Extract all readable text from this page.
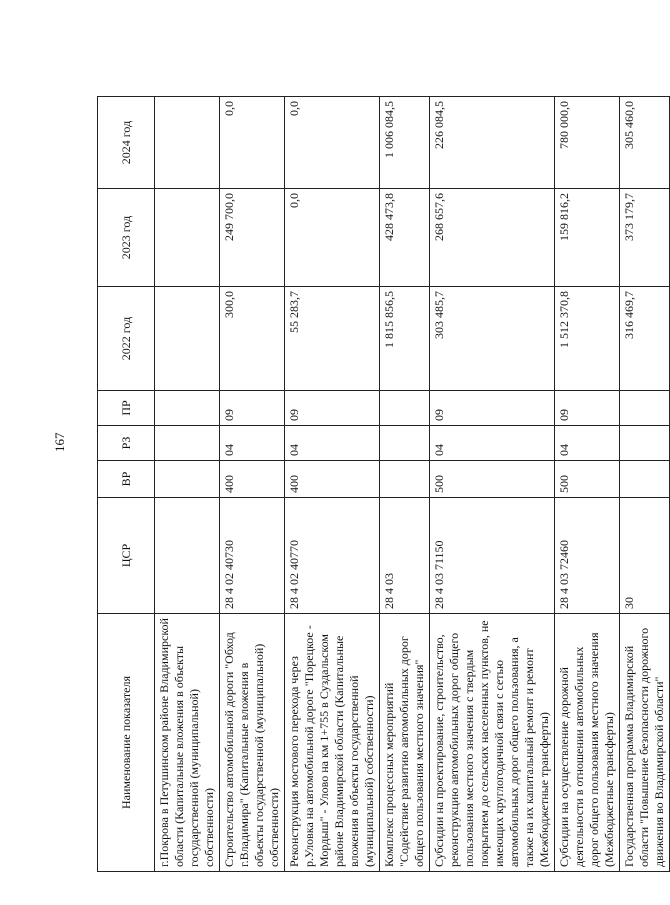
167
Наименование показателя	ЦСР	ВР	РЗ	ПР	2022 год	2023 год	2024 год
г.Покрова в Петушинском районе Владимирской области (Капитальные вложения в объекты государственной (муниципальной) собственности)							
Строительство автомобильной дороги "Обход г.Владимира" (Капитальные вложения в объекты государственной (муниципальной) собственности)	28 4 02 40730	400	04	09	300,0	249 700,0	0,0
Реконструкция мостового перехода через р.Уловка на автомобильной дороге "Порецкое - Мордыш" - Улово на км 1+755 в Суздальском районе Владимирской области (Капитальные вложения в объекты государственной (муниципальной) собственности)	28 4 02 40770	400	04	09	55 283,7	0,0	0,0
Комплекс процессных мероприятий "Содействие развитию автомобильных дорог общего пользования местного значения"	28 4 03				1 815 856,5	428 473,8	1 006 084,5
Субсидии на проектирование, строительство, реконструкцию автомобильных дорог общего пользования местного значения с твердым покрытием до сельских населенных пунктов, не имеющих круглогодичной связи с сетью автомобильных дорог общего пользования, а также на их капитальный ремонт и ремонт (Межбюджетные трансферты)	28 4 03 71150	500	04	09	303 485,7	268 657,6	226 084,5
Субсидии на осуществление дорожной деятельности в отношении автомобильных дорог общего пользования местного значения (Межбюджетные трансферты)	28 4 03 72460	500	04	09	1 512 370,8	159 816,2	780 000,0
Государственная программа Владимирской области "Повышение безопасности дорожного движения во Владимирской области"	30				316 469,7	373 179,7	305 460,0
